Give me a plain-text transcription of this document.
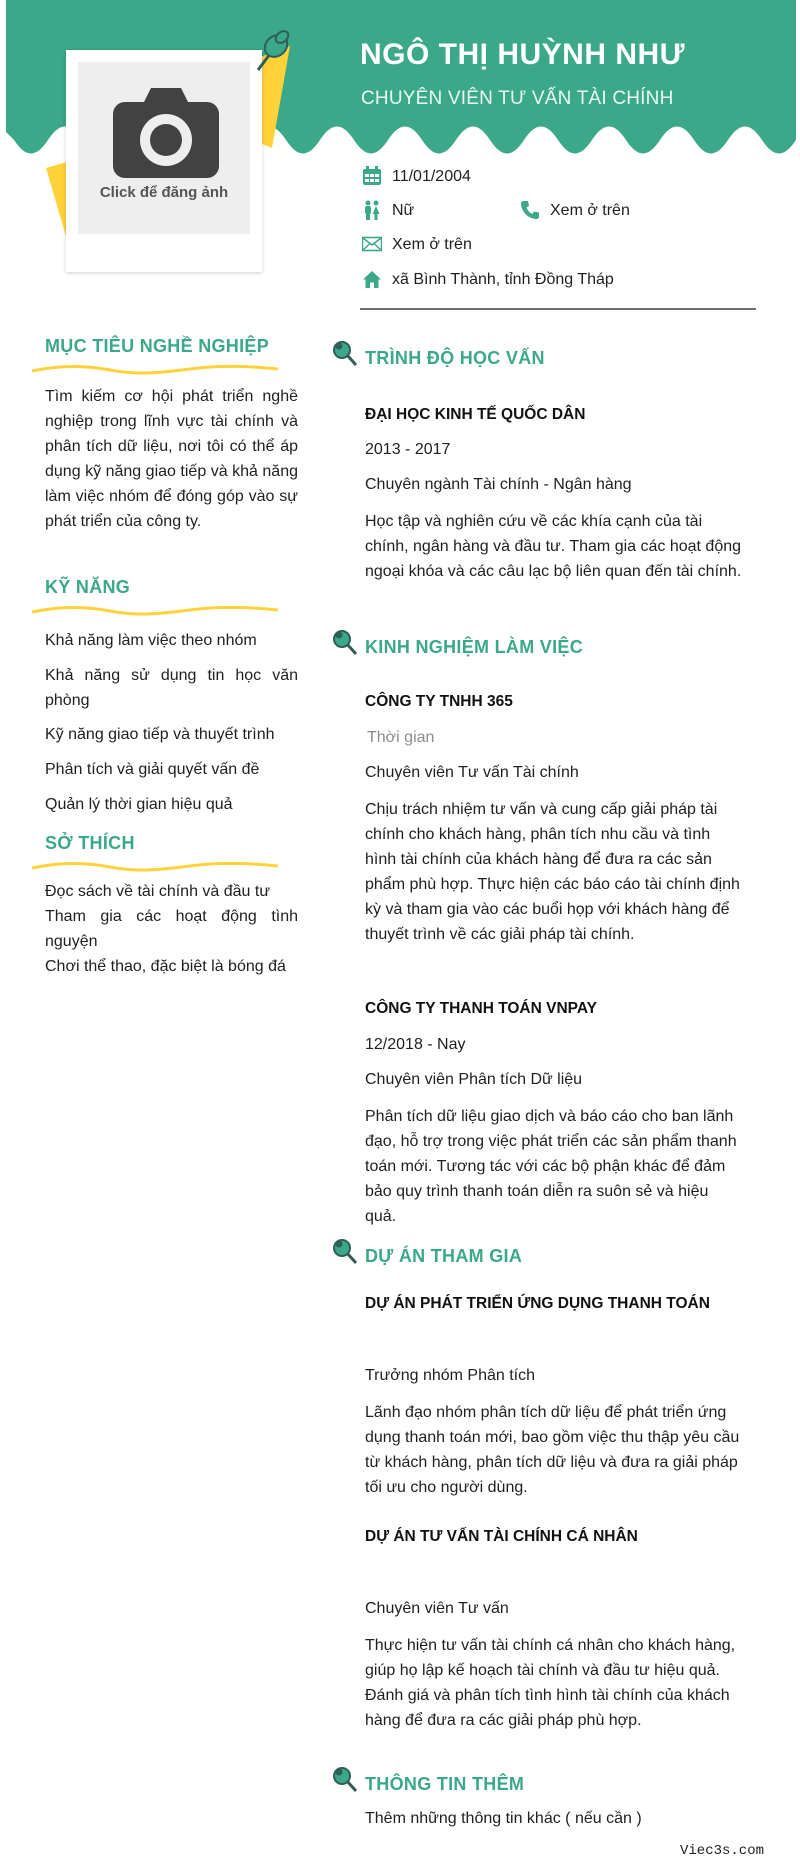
NGÔ THỊ HUỲNH NHƯ
CHUYÊN VIÊN TƯ VẤN TÀI CHÍNH
Click để đăng ảnh
11/01/2004
Nữ	Xem ở trên
Xem ở trên
xã Bình Thành, tỉnh Đồng Tháp
MỤC TIÊU NGHỀ NGHIỆP
Tìm kiếm cơ hội phát triển nghề nghiệp trong lĩnh vực tài chính và phân tích dữ liệu, nơi tôi có thể áp dụng kỹ năng giao tiếp và khả năng làm việc nhóm để đóng góp vào sự phát triển của công ty.
KỸ NĂNG
Khả năng làm việc theo nhóm
Khả năng sử dụng tin học văn phòng
Kỹ năng giao tiếp và thuyết trình
Phân tích và giải quyết vấn đề
Quản lý thời gian hiệu quả
SỞ THÍCH
Đọc sách về tài chính và đầu tư
Tham gia các hoạt động tình nguyện
Chơi thể thao, đặc biệt là bóng đá
TRÌNH ĐỘ HỌC VẤN
ĐẠI HỌC KINH TẾ QUỐC DÂN
2013 - 2017
Chuyên ngành Tài chính - Ngân hàng
Học tập và nghiên cứu về các khía cạnh của tài chính, ngân hàng và đầu tư. Tham gia các hoạt động ngoại khóa và các câu lạc bộ liên quan đến tài chính.
KINH NGHIỆM LÀM VIỆC
CÔNG TY TNHH 365
Thời gian
Chuyên viên Tư vấn Tài chính
Chịu trách nhiệm tư vấn và cung cấp giải pháp tài chính cho khách hàng, phân tích nhu cầu và tình hình tài chính của khách hàng để đưa ra các sản phẩm phù hợp. Thực hiện các báo cáo tài chính định kỳ và tham gia vào các buổi họp với khách hàng để thuyết trình về các giải pháp tài chính.
CÔNG TY THANH TOÁN VNPAY
12/2018 - Nay
Chuyên viên Phân tích Dữ liệu
Phân tích dữ liệu giao dịch và báo cáo cho ban lãnh đạo, hỗ trợ trong việc phát triển các sản phẩm thanh toán mới. Tương tác với các bộ phận khác để đảm bảo quy trình thanh toán diễn ra suôn sẻ và hiệu quả.
DỰ ÁN THAM GIA
DỰ ÁN PHÁT TRIỂN ỨNG DỤNG THANH TOÁN
Trưởng nhóm Phân tích
Lãnh đạo nhóm phân tích dữ liệu để phát triển ứng dụng thanh toán mới, bao gồm việc thu thập yêu cầu từ khách hàng, phân tích dữ liệu và đưa ra giải pháp tối ưu cho người dùng.
DỰ ÁN TƯ VẤN TÀI CHÍNH CÁ NHÂN
Chuyên viên Tư vấn
Thực hiện tư vấn tài chính cá nhân cho khách hàng, giúp họ lập kế hoạch tài chính và đầu tư hiệu quả. Đánh giá và phân tích tình hình tài chính của khách hàng để đưa ra các giải pháp phù hợp.
THÔNG TIN THÊM
Thêm những thông tin khác ( nếu cần )
Viec3s.com
